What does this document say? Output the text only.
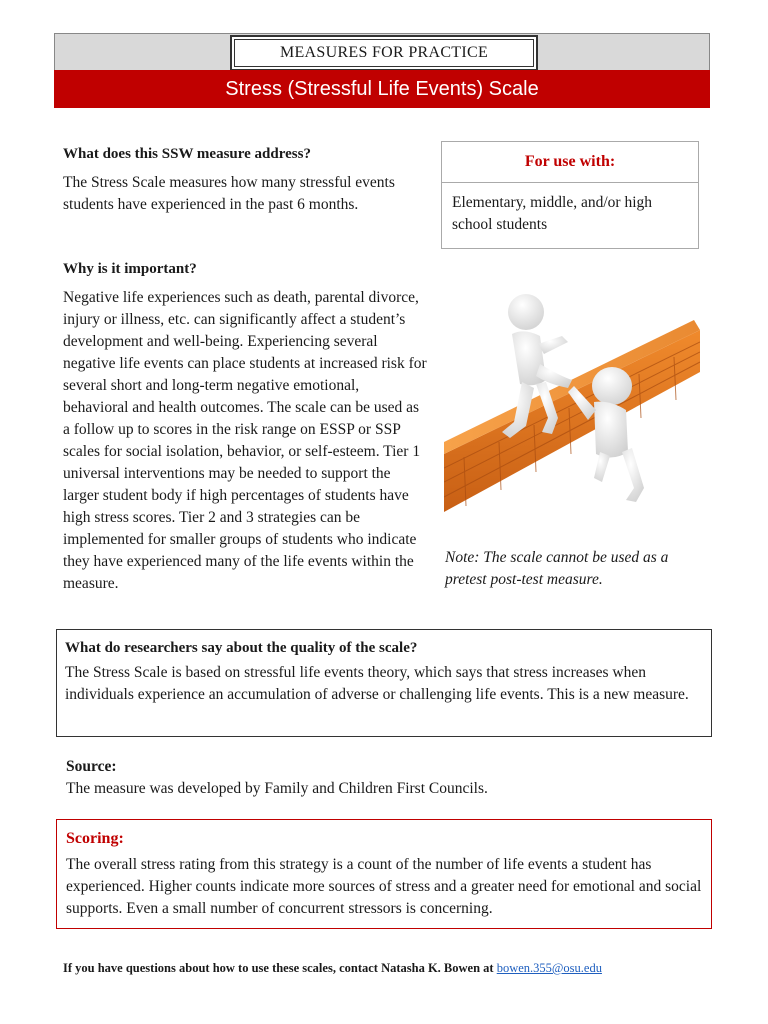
MEASURES FOR PRACTICE
Stress (Stressful Life Events) Scale
What does this SSW measure address?
The Stress Scale measures how many stressful events students have experienced in the past 6 months.
For use with:
Elementary, middle, and/or high school students
Why is it important?
Negative life experiences such as death, parental divorce, injury or illness, etc. can significantly affect a student’s development and well-being. Experiencing several negative life events can place students at increased risk for several short and long-term negative emotional, behavioral and health outcomes. The scale can be used as a follow up to scores in the risk range on ESSP or SSP scales for social isolation, behavior, or self-esteem. Tier 1 universal interventions may be needed to support the larger student body if high percentages of students have high stress scores. Tier 2 and 3 strategies can be implemented for smaller groups of students who indicate they have experienced many of the life events within the measure.
Note: The scale cannot be used as a pretest post-test measure.
What do researchers say about the quality of the scale?
The Stress Scale is based on stressful life events theory, which says that stress increases when individuals experience an accumulation of adverse or challenging life events. This is a new measure.
Source:
The measure was developed by Family and Children First Councils.
Scoring:
The overall stress rating from this strategy is a count of the number of life events a student has experienced. Higher counts indicate more sources of stress and a greater need for emotional and social supports. Even a small number of concurrent stressors is concerning.
If you have questions about how to use these scales, contact Natasha K. Bowen at bowen.355@osu.edu
